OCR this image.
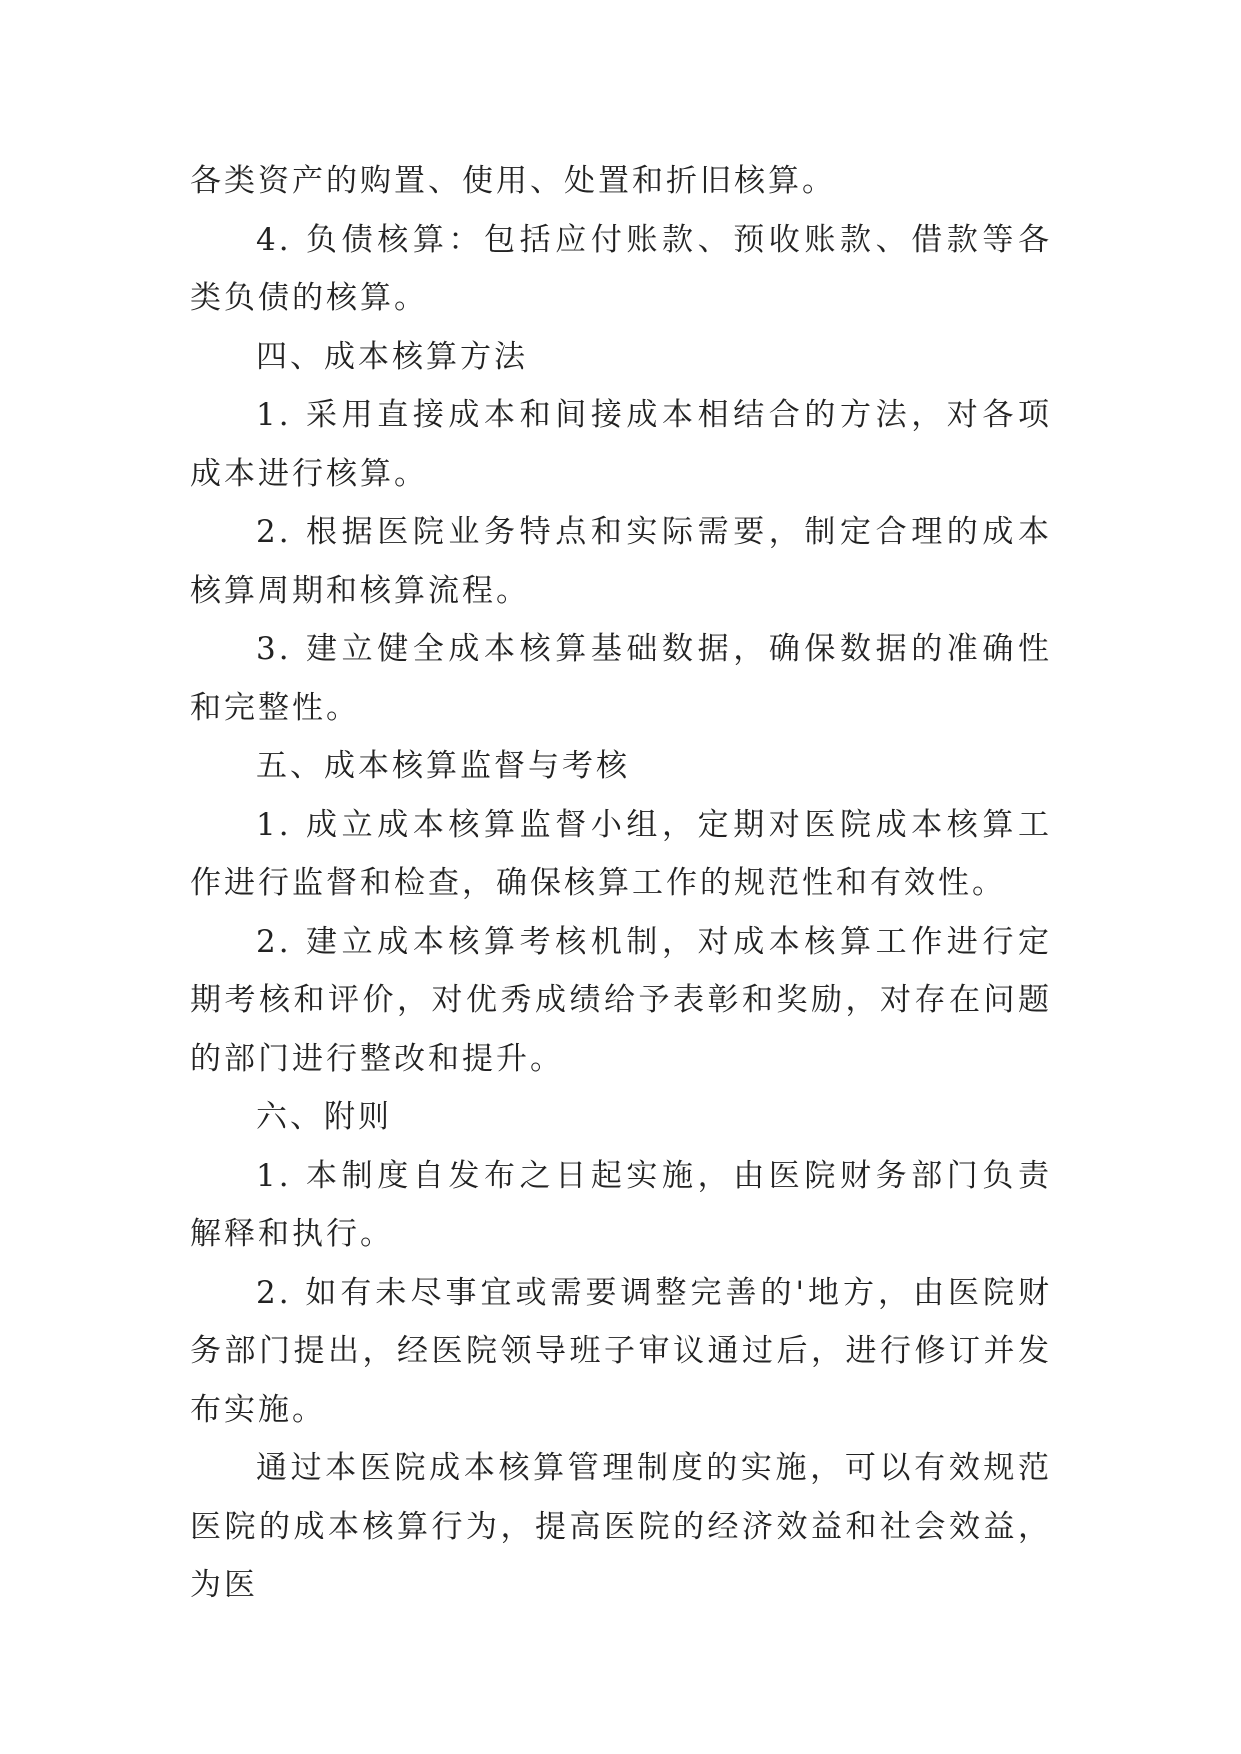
各类资产的购置、使用、处置和折旧核算。

4. 负债核算：包括应付账款、预收账款、借款等各类负债的核算。

四、成本核算方法

1. 采用直接成本和间接成本相结合的方法，对各项成本进行核算。

2. 根据医院业务特点和实际需要，制定合理的成本核算周期和核算流程。

3. 建立健全成本核算基础数据，确保数据的准确性和完整性。

五、成本核算监督与考核

1. 成立成本核算监督小组，定期对医院成本核算工作进行监督和检查，确保核算工作的规范性和有效性。

2. 建立成本核算考核机制，对成本核算工作进行定期考核和评价，对优秀成绩给予表彰和奖励，对存在问题的部门进行整改和提升。

六、附则

1. 本制度自发布之日起实施，由医院财务部门负责解释和执行。

2. 如有未尽事宜或需要调整完善的'地方，由医院财务部门提出，经医院领导班子审议通过后，进行修订并发布实施。

通过本医院成本核算管理制度的实施，可以有效规范医院的成本核算行为，提高医院的经济效益和社会效益，为医
